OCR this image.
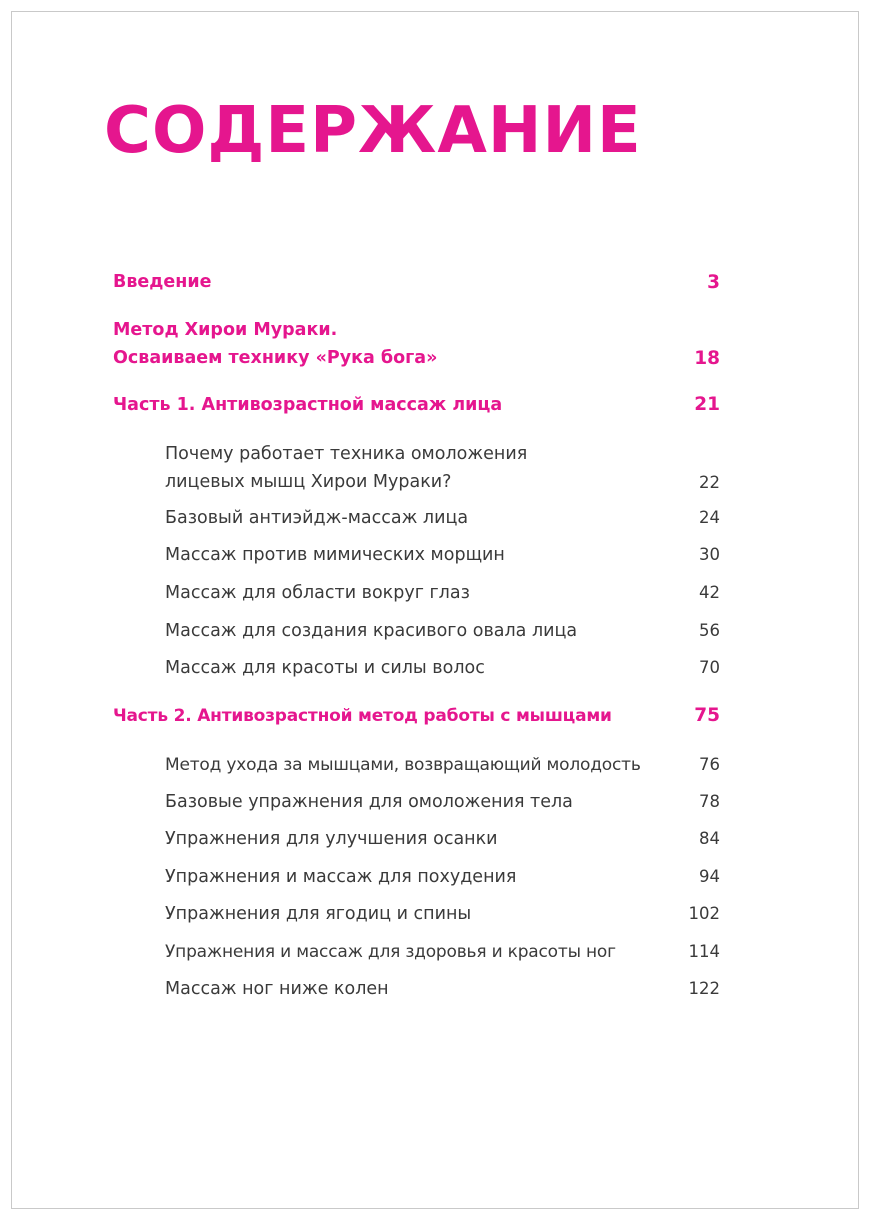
СОДЕРЖАНИЕ
Введение	3
Метод Хирои Мураки.
Осваиваем технику «Рука бога»	18
Часть 1. Антивозрастной массаж лица	21
Почему работает техника омоложения
лицевых мышц Хирои Мураки?	22
Базовый антиэйдж-массаж лица	24
Массаж против мимических морщин	30
Массаж для области вокруг глаз	42
Массаж для создания красивого овала лица	56
Массаж для красоты и силы волос	70
Часть 2. Антивозрастной метод работы с мышцами	75
Метод ухода за мышцами, возвращающий молодость	76
Базовые упражнения для омоложения тела	78
Упражнения для улучшения осанки	84
Упражнения и массаж для похудения	94
Упражнения для ягодиц и спины	102
Упражнения и массаж для здоровья и красоты ног	114
Массаж ног ниже колен	122
